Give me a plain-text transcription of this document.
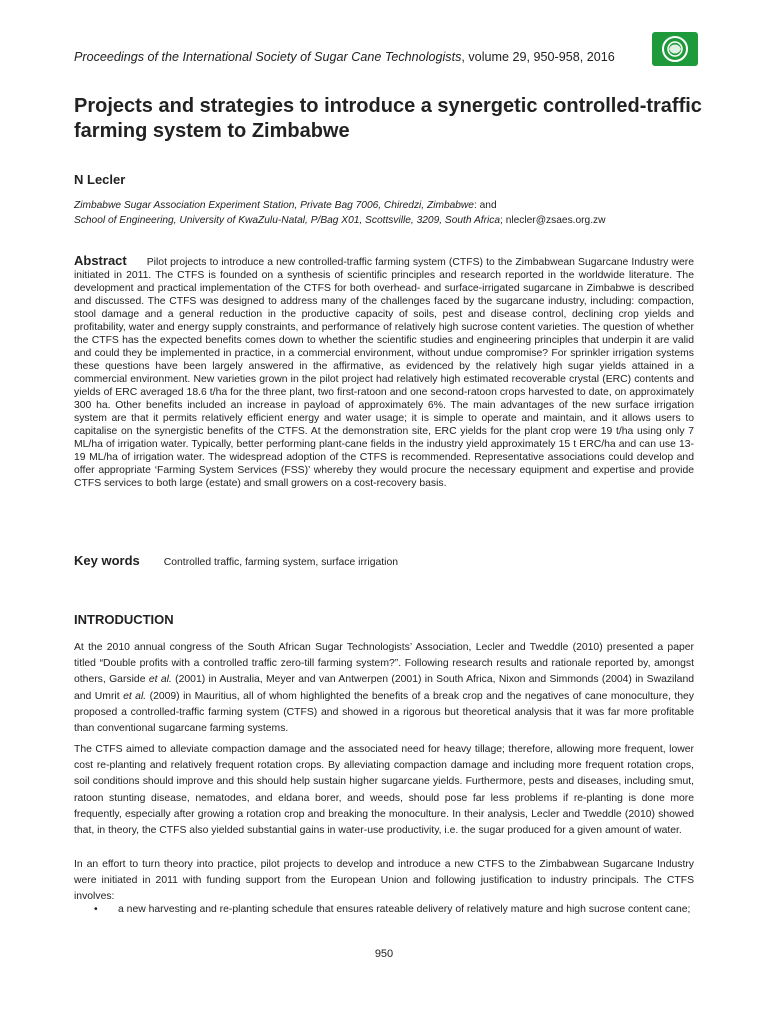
Proceedings of the International Society of Sugar Cane Technologists, volume 29, 950-958, 2016
Projects and strategies to introduce a synergetic controlled-traffic farming system to Zimbabwe
N Lecler
Zimbabwe Sugar Association Experiment Station, Private Bag 7006, Chiredzi, Zimbabwe: and
School of Engineering, University of KwaZulu-Natal, P/Bag X01, Scottsville, 3209, South Africa; nlecler@zsaes.org.zw

Abstract Pilot projects to introduce a new controlled-traffic farming system (CTFS) to the Zimbabwean Sugarcane Industry were initiated in 2011. The CTFS is founded on a synthesis of scientific principles and research reported in the worldwide literature. The development and practical implementation of the CTFS for both overhead- and surface-irrigated sugarcane in Zimbabwe is described and discussed. The CTFS was designed to address many of the challenges faced by the sugarcane industry, including: compaction, stool damage and a general reduction in the productive capacity of soils, pest and disease control, declining crop yields and profitability, water and energy supply constraints, and performance of relatively high sucrose content varieties. The question of whether the CTFS has the expected benefits comes down to whether the scientific studies and engineering principles that underpin it are valid and could they be implemented in practice, in a commercial environment, without undue compromise? For sprinkler irrigation systems these questions have been largely answered in the affirmative, as evidenced by the relatively high sugar yields attained in a commercial environment. New varieties grown in the pilot project had relatively high estimated recoverable crystal (ERC) contents and yields of ERC averaged 18.6 t/ha for the three plant, two first-ratoon and one second-ratoon crops harvested to date, on approximately 300 ha. Other benefits included an increase in payload of approximately 6%. The main advantages of the new surface irrigation system are that it permits relatively efficient energy and water usage; it is simple to operate and maintain, and it allows users to capitalise on the synergistic benefits of the CTFS. At the demonstration site, ERC yields for the plant crop were 19 t/ha using only 7 ML/ha of irrigation water. Typically, better performing plant-cane fields in the industry yield approximately 15 t ERC/ha and can use 13-19 ML/ha of irrigation water. The widespread adoption of the CTFS is recommended. Representative associations could develop and offer appropriate ‘Farming System Services (FSS)’ whereby they would procure the necessary equipment and expertise and provide CTFS services to both large (estate) and small growers on a cost-recovery basis.

Key words Controlled traffic, farming system, surface irrigation
INTRODUCTION

At the 2010 annual congress of the South African Sugar Technologists’ Association, Lecler and Tweddle (2010) presented a paper titled “Double profits with a controlled traffic zero-till farming system?”. Following research results and rationale reported by, amongst others, Garside et al. (2001) in Australia, Meyer and van Antwerpen (2001) in South Africa, Nixon and Simmonds (2004) in Swaziland and Umrit et al. (2009) in Mauritius, all of whom highlighted the benefits of a break crop and the negatives of cane monoculture, they proposed a controlled-traffic farming system (CTFS) and showed in a rigorous but theoretical analysis that it was far more profitable than conventional sugarcane farming systems.

The CTFS aimed to alleviate compaction damage and the associated need for heavy tillage; therefore, allowing more frequent, lower cost re-planting and relatively frequent rotation crops. By alleviating compaction damage and including more frequent rotation crops, soil conditions should improve and this should help sustain higher sugarcane yields. Furthermore, pests and diseases, including smut, ratoon stunting disease, nematodes, and eldana borer, and weeds, should pose far less problems if re-planting is done more frequently, especially after growing a rotation crop and breaking the monoculture. In their analysis, Lecler and Tweddle (2010) showed that, in theory, the CTFS also yielded substantial gains in water-use productivity, i.e. the sugar produced for a given amount of water.

In an effort to turn theory into practice, pilot projects to develop and introduce a new CTFS to the Zimbabwean Sugarcane Industry were initiated in 2011 with funding support from the European Union and following justification to industry principals. The CTFS involves:

• a new harvesting and re-planting schedule that ensures rateable delivery of relatively mature and high sucrose content cane;
950
